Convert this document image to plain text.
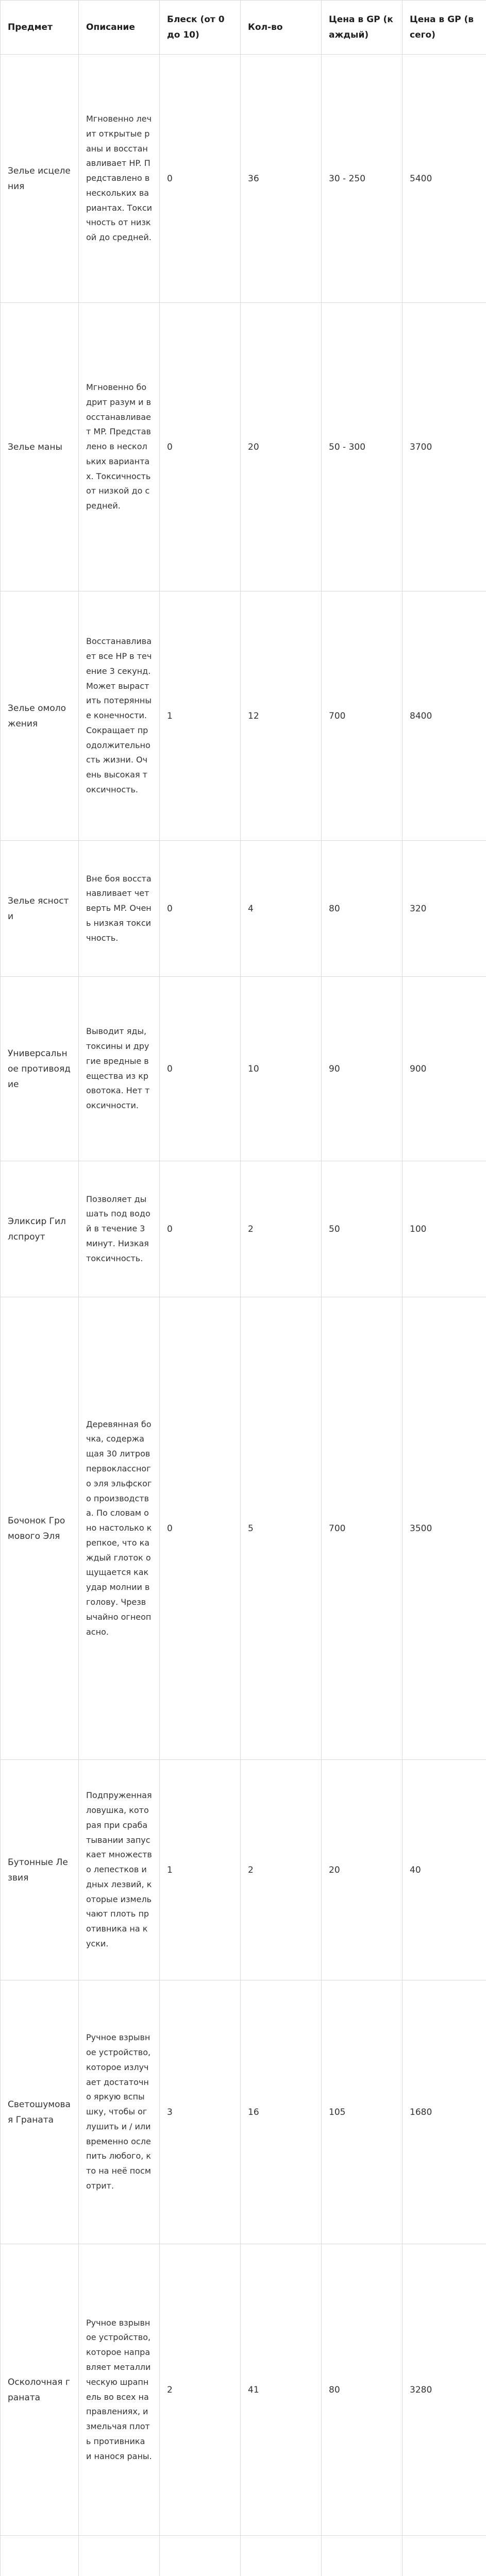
Предмет	Описание	Блеск (от 0 до 10)	Кол-во	Цена в GP (каждый)	Цена в GP (всего)
Зелье исцеления	Мгновенно лечит открытые раны и восстанавливает HP. Представлено в нескольких вариантах. Токсичность от низкой до средней.	0	36	30 - 250	5400
Зелье маны	Мгновенно бодрит разум и восстанавливает MP. Представлено в нескольких вариантах. Токсичность от низкой до средней.	0	20	50 - 300	3700
Зелье омоложения	Восстанавливает все HP в течение 3 секунд. Может вырастить потерянные конечности. Сокращает продолжительность жизни. Очень высокая токсичность.	1	12	700	8400
Зелье ясности	Вне боя восстанавливает четверть MP. Очень низкая токсичность.	0	4	80	320
Универсальное противоядие	Выводит яды, токсины и другие вредные вещества из кровотока. Нет токсичности.	0	10	90	900
Эликсир Гиллспроут	Позволяет дышать под водой в течение 3 минут. Низкая токсичность.	0	2	50	100
Бочонок Громового Эля	Деревянная бочка, содержащая 30 литров первоклассного эля эльфского производства. По словам оно настолько крепкое, что каждый глоток ощущается как удар молнии в голову. Чрезвычайно огнеопасно.	0	5	700	3500
Бутонные Лезвия	Подпруженная ловушка, которая при срабатывании запускает множество лепестков идных лезвий, которые измельчают плоть противника на куски.	1	2	20	40
Светошумовая Граната	Ручное взрывное устройство, которое излучает достаточно яркую вспышку, чтобы оглушить и / или временно ослепить любого, кто на неё посмотрит.	3	16	105	1680
Осколочная граната	Ручное взрывное устройство, которое направляет металлическую шрапнель во всех направлениях, измельчая плоть противника и нанося раны.	2	41	80	3280
